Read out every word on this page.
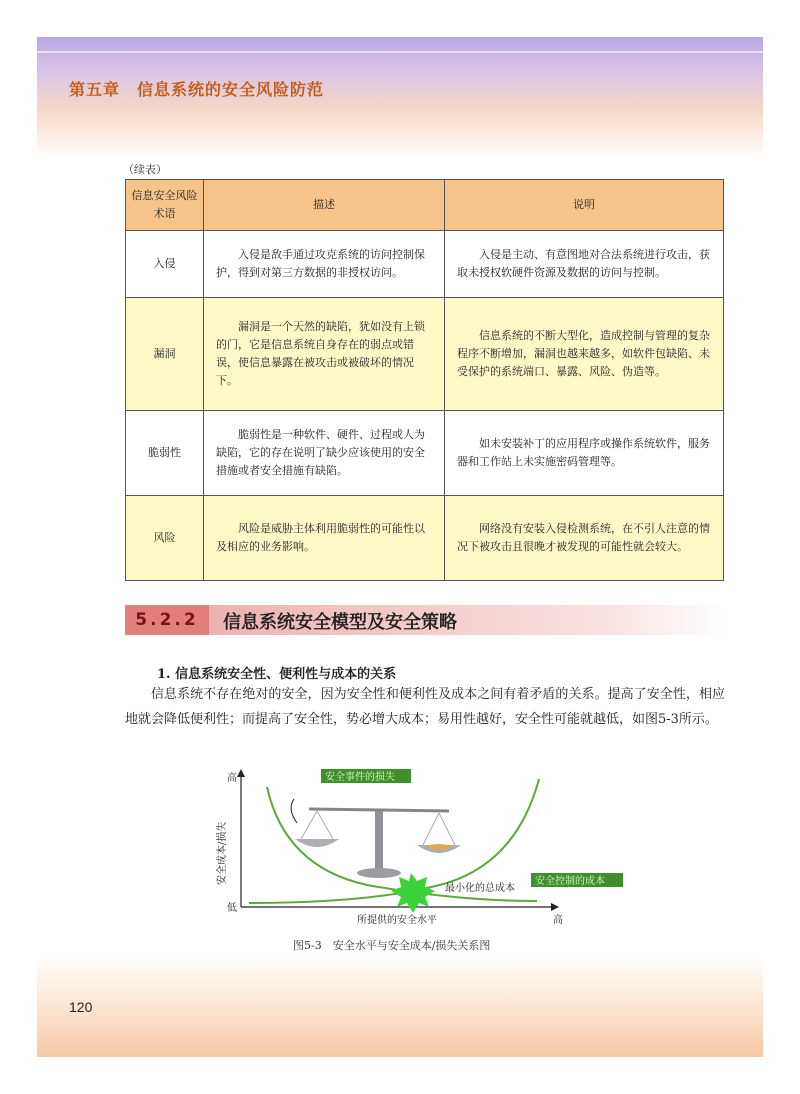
第五章　信息系统的安全风险防范
（续表）
信息安全风险术语	描述	说明
入侵	入侵是敌手通过攻克系统的访问控制保护，得到对第三方数据的非授权访问。	入侵是主动、有意图地对合法系统进行攻击，获取未授权软硬件资源及数据的访问与控制。
漏洞	漏洞是一个天然的缺陷，犹如没有上锁的门，它是信息系统自身存在的弱点或错误，使信息暴露在被攻击或被破坏的情况下。	信息系统的不断大型化，造成控制与管理的复杂程序不断增加，漏洞也越来越多，如软件包缺陷、未受保护的系统端口、暴露、风险、伪造等。
脆弱性	脆弱性是一种软件、硬件、过程或人为缺陷，它的存在说明了缺少应该使用的安全措施或者安全措施有缺陷。	如未安装补丁的应用程序或操作系统软件，服务器和工作站上未实施密码管理等。
风险	风险是威胁主体利用脆弱性的可能性以及相应的业务影响。	网络没有安装入侵检测系统，在不引人注意的情况下被攻击且很晚才被发现的可能性就会较大。
5.2.2	信息系统安全模型及安全策略
1. 信息系统安全性、便利性与成本的关系
信息系统不存在绝对的安全，因为安全性和便利性及成本之间有着矛盾的关系。提高了安全性，相应地就会降低便利性；而提高了安全性，势必增大成本；易用性越好，安全性可能就越低，如图5-3所示。
安全事件的损失
安全控制的成本
最小化的总成本
高
低
高
所提供的安全水平
安全成本/损失
图5-3　安全水平与安全成本/损失关系图
120
